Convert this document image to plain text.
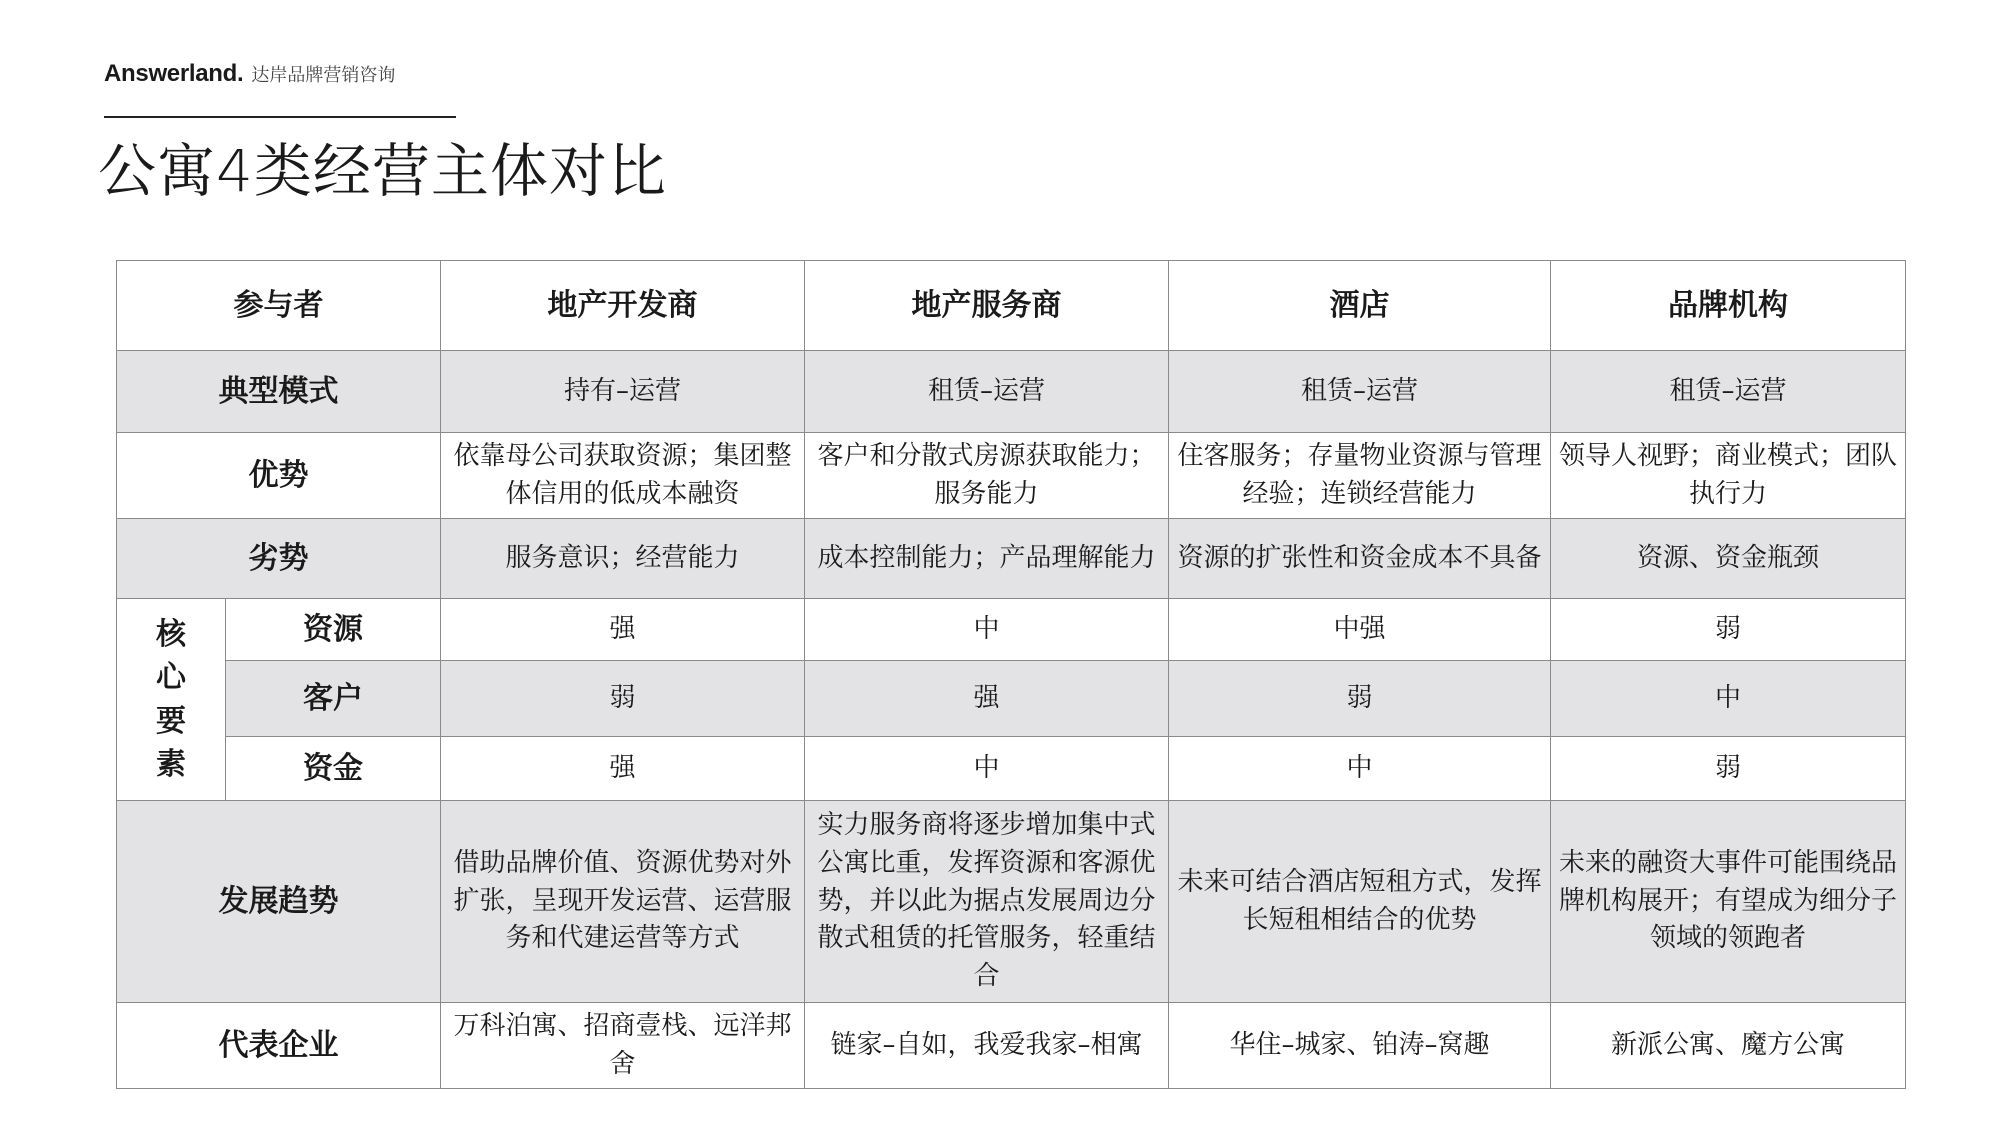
Answerland. 达岸品牌营销咨询
公寓4类经营主体对比
参与者		地产开发商	地产服务商	酒店	品牌机构
典型模式		持有–运营	租赁–运营	租赁–运营	租赁–运营
优势		依靠母公司获取资源；集团整体信用的低成本融资	客户和分散式房源获取能力；服务能力	住客服务；存量物业资源与管理经验；连锁经营能力	领导人视野；商业模式；团队执行力
劣势		服务意识；经营能力	成本控制能力；产品理解能力	资源的扩张性和资金成本不具备	资源、资金瓶颈

核
心
要
素	资源	强	中	中强	弱
	客户	弱	强	弱	中
	资金	强	中	中	弱
发展趋势		借助品牌价值、资源优势对外扩张，呈现开发运营、运营服务和代建运营等方式	实力服务商将逐步增加集中式公寓比重，发挥资源和客源优势，并以此为据点发展周边分散式租赁的托管服务，轻重结合	未来可结合酒店短租方式，发挥长短租相结合的优势	未来的融资大事件可能围绕品牌机构展开；有望成为细分子领域的领跑者
代表企业		万科泊寓、招商壹栈、远洋邦舍	链家–自如，我爱我家–相寓	华住–城家、铂涛–窝趣	新派公寓、魔方公寓
